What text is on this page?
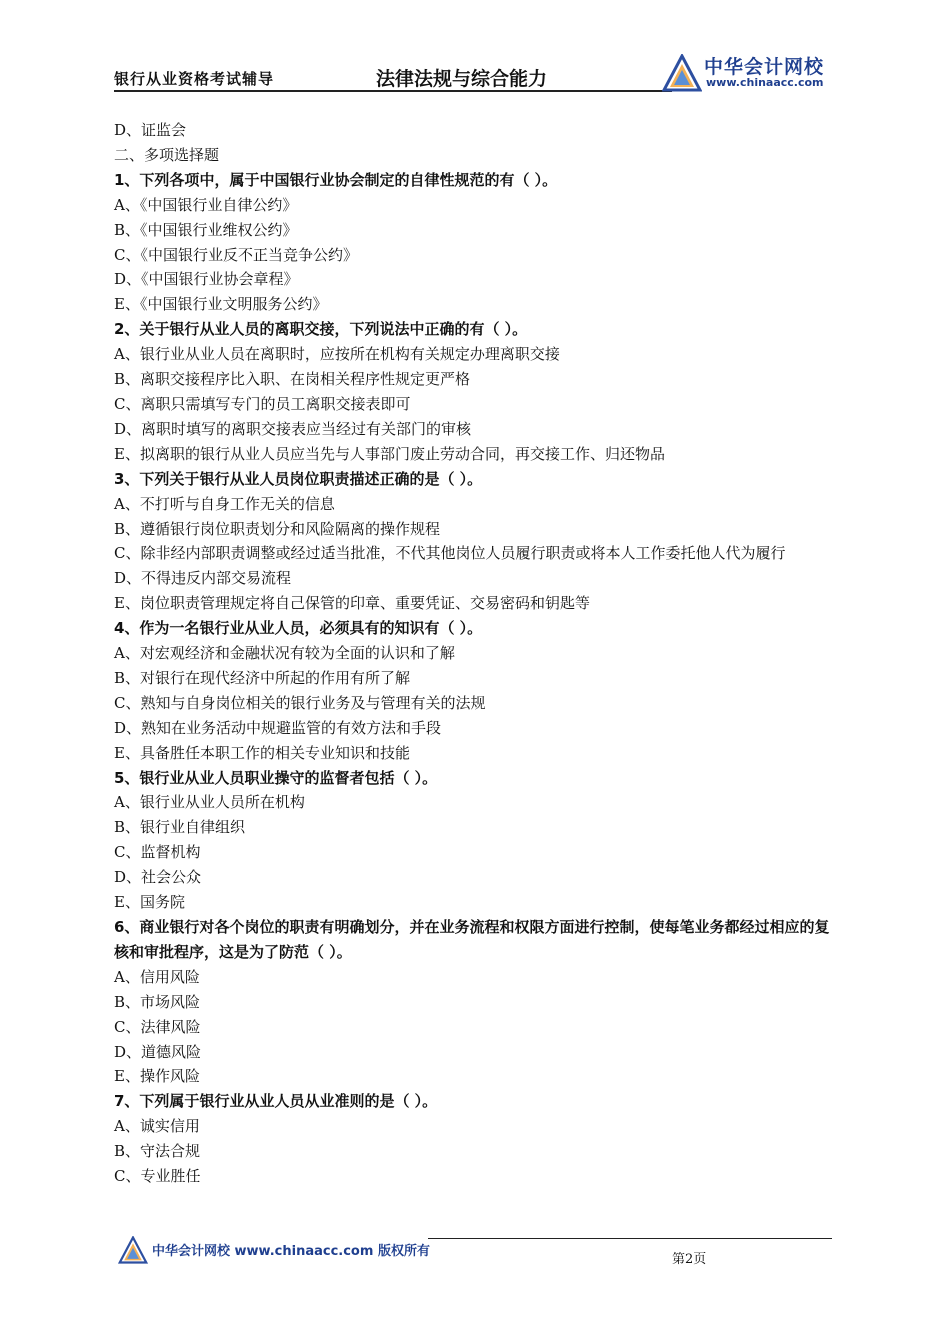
银行从业资格考试辅导	法律法规与综合能力
中华会计网校
www.chinaacc.com
D、证监会
二、多项选择题
1、下列各项中，属于中国银行业协会制定的自律性规范的有（ ）。
A、《中国银行业自律公约》
B、《中国银行业维权公约》
C、《中国银行业反不正当竞争公约》
D、《中国银行业协会章程》
E、《中国银行业文明服务公约》
2、关于银行从业人员的离职交接，下列说法中正确的有（ ）。
A、银行业从业人员在离职时，应按所在机构有关规定办理离职交接
B、离职交接程序比入职、在岗相关程序性规定更严格
C、离职只需填写专门的员工离职交接表即可
D、离职时填写的离职交接表应当经过有关部门的审核
E、拟离职的银行从业人员应当先与人事部门废止劳动合同，再交接工作、归还物品
3、下列关于银行从业人员岗位职责描述正确的是（ ）。
A、不打听与自身工作无关的信息
B、遵循银行岗位职责划分和风险隔离的操作规程
C、除非经内部职责调整或经过适当批准，不代其他岗位人员履行职责或将本人工作委托他人代为履行
D、不得违反内部交易流程
E、岗位职责管理规定将自己保管的印章、重要凭证、交易密码和钥匙等
4、作为一名银行业从业人员，必须具有的知识有（ ）。
A、对宏观经济和金融状况有较为全面的认识和了解
B、对银行在现代经济中所起的作用有所了解
C、熟知与自身岗位相关的银行业务及与管理有关的法规
D、熟知在业务活动中规避监管的有效方法和手段
E、具备胜任本职工作的相关专业知识和技能
5、银行业从业人员职业操守的监督者包括（ ）。
A、银行业从业人员所在机构
B、银行业自律组织
C、监督机构
D、社会公众
E、国务院
6、商业银行对各个岗位的职责有明确划分，并在业务流程和权限方面进行控制，使每笔业务都经过相应的复核和审批程序，这是为了防范（ ）。
A、信用风险
B、市场风险
C、法律风险
D、道德风险
E、操作风险
7、下列属于银行业从业人员从业准则的是（ ）。
A、诚实信用
B、守法合规
C、专业胜任
中华会计网校 www.chinaacc.com 版权所有
第2页
